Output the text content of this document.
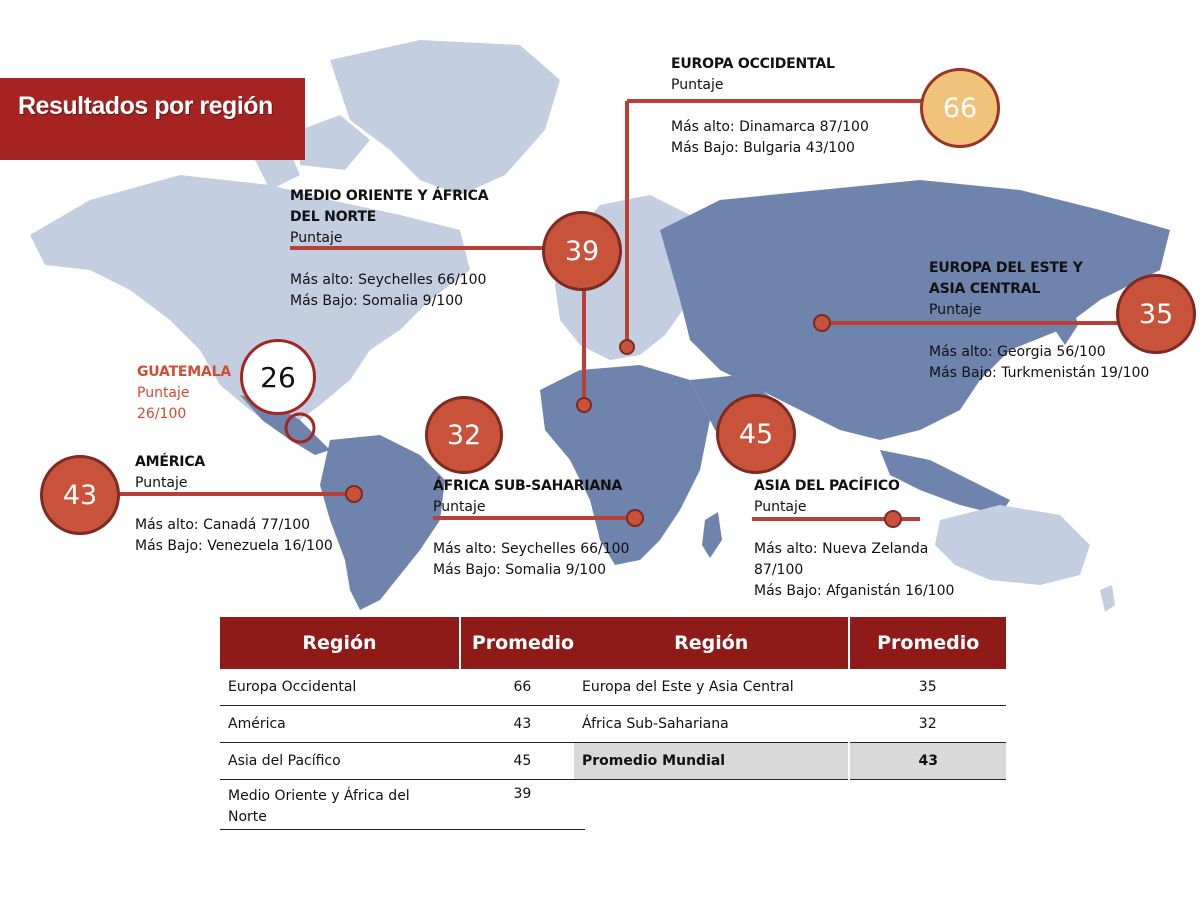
Resultados por región
EUROPA OCCIDENTAL
Puntaje
Más alto: Dinamarca 87/100
Más Bajo: Bulgaria 43/100
66
MEDIO ORIENTE Y ÁFRICA
DEL NORTE
Puntaje
Más alto: Seychelles 66/100
Más Bajo: Somalia 9/100
39
EUROPA DEL ESTE Y
ASIA CENTRAL
Puntaje
Más alto: Georgia 56/100
Más Bajo: Turkmenistán 19/100
35
GUATEMALA
Puntaje
26/100
26
AMÉRICA
Puntaje
Más alto: Canadá 77/100
Más Bajo: Venezuela 16/100
43	ÁFRICA SUB-SAHARIANA
Puntaje
Más alto: Seychelles 66/100
Más Bajo: Somalia 9/100
32
ASIA DEL PACÍFICO
Puntaje
Más alto: Nueva Zelanda
87/100
Más Bajo: Afganistán 16/100
45
Región	Promedio
Europa Occidental	66
América	43
Asia del Pacífico	45
Medio Oriente y África del
Norte	39
Región	Promedio
Europa del Este y Asia Central	35
África Sub-Sahariana	32
Promedio Mundial	43
